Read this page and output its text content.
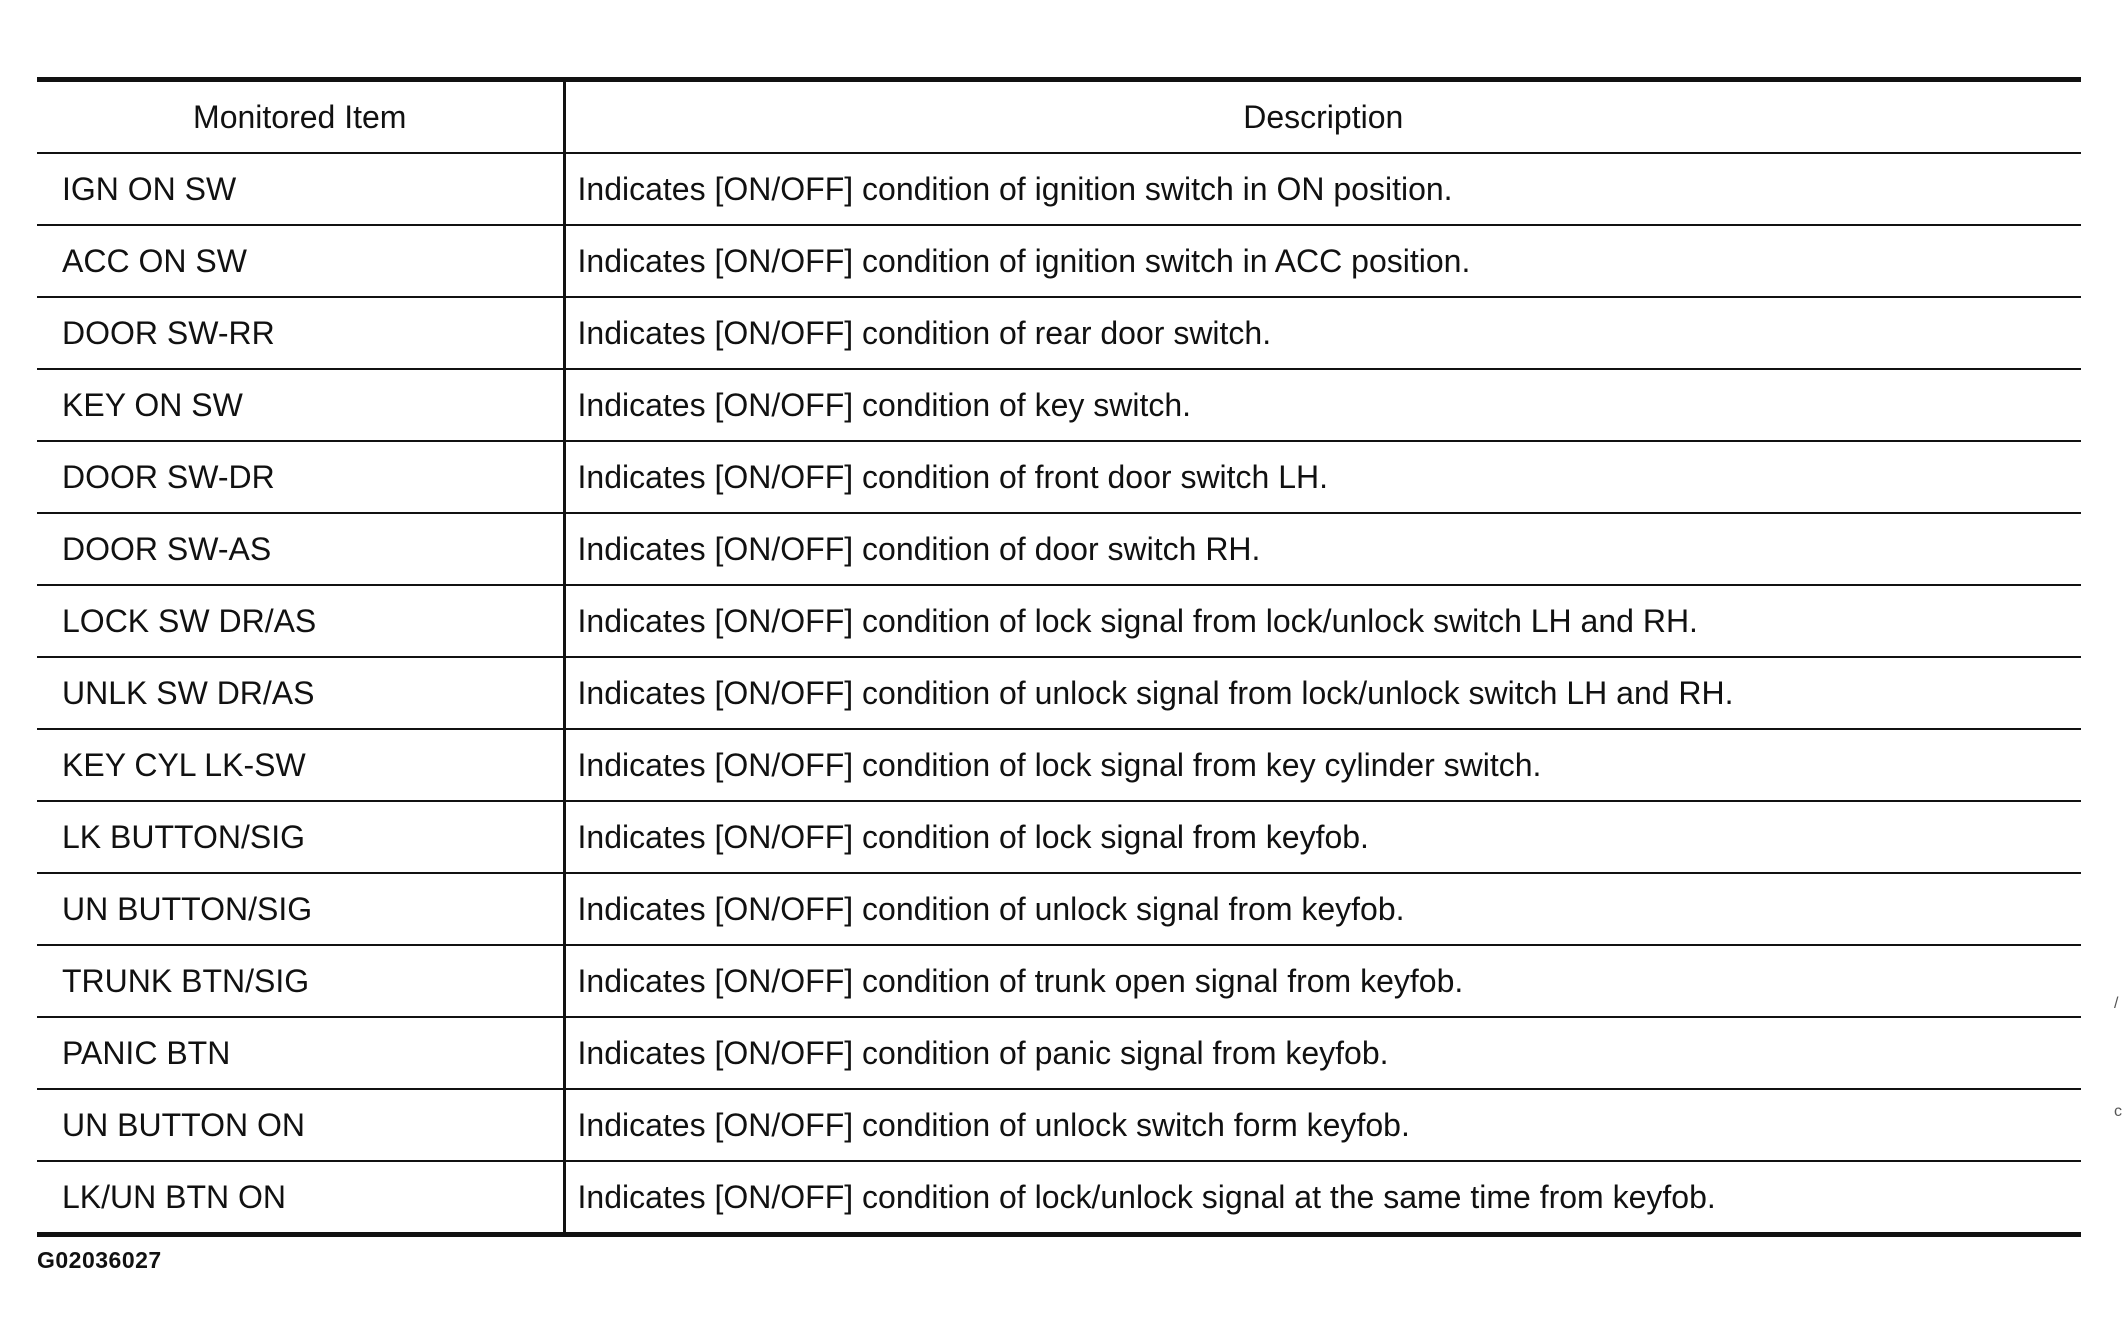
Monitored Item	Description
IGN ON SW	Indicates [ON/OFF] condition of ignition switch in ON position.
ACC ON SW	Indicates [ON/OFF] condition of ignition switch in ACC position.
DOOR SW-RR	Indicates [ON/OFF] condition of rear door switch.
KEY ON SW	Indicates [ON/OFF] condition of key switch.
DOOR SW-DR	Indicates [ON/OFF] condition of front door switch LH.
DOOR SW-AS	Indicates [ON/OFF] condition of door switch RH.
LOCK SW DR/AS	Indicates [ON/OFF] condition of lock signal from lock/unlock switch LH and RH.
UNLK SW DR/AS	Indicates [ON/OFF] condition of unlock signal from lock/unlock switch LH and RH.
KEY CYL LK-SW	Indicates [ON/OFF] condition of lock signal from key cylinder switch.
LK BUTTON/SIG	Indicates [ON/OFF] condition of lock signal from keyfob.
UN BUTTON/SIG	Indicates [ON/OFF] condition of unlock signal from keyfob.
TRUNK BTN/SIG	Indicates [ON/OFF] condition of trunk open signal from keyfob.
PANIC BTN	Indicates [ON/OFF] condition of panic signal from keyfob.
UN BUTTON ON	Indicates [ON/OFF] condition of unlock switch form keyfob.
LK/UN BTN ON	Indicates [ON/OFF] condition of lock/unlock signal at the same time from keyfob.
G02036027
/
c
